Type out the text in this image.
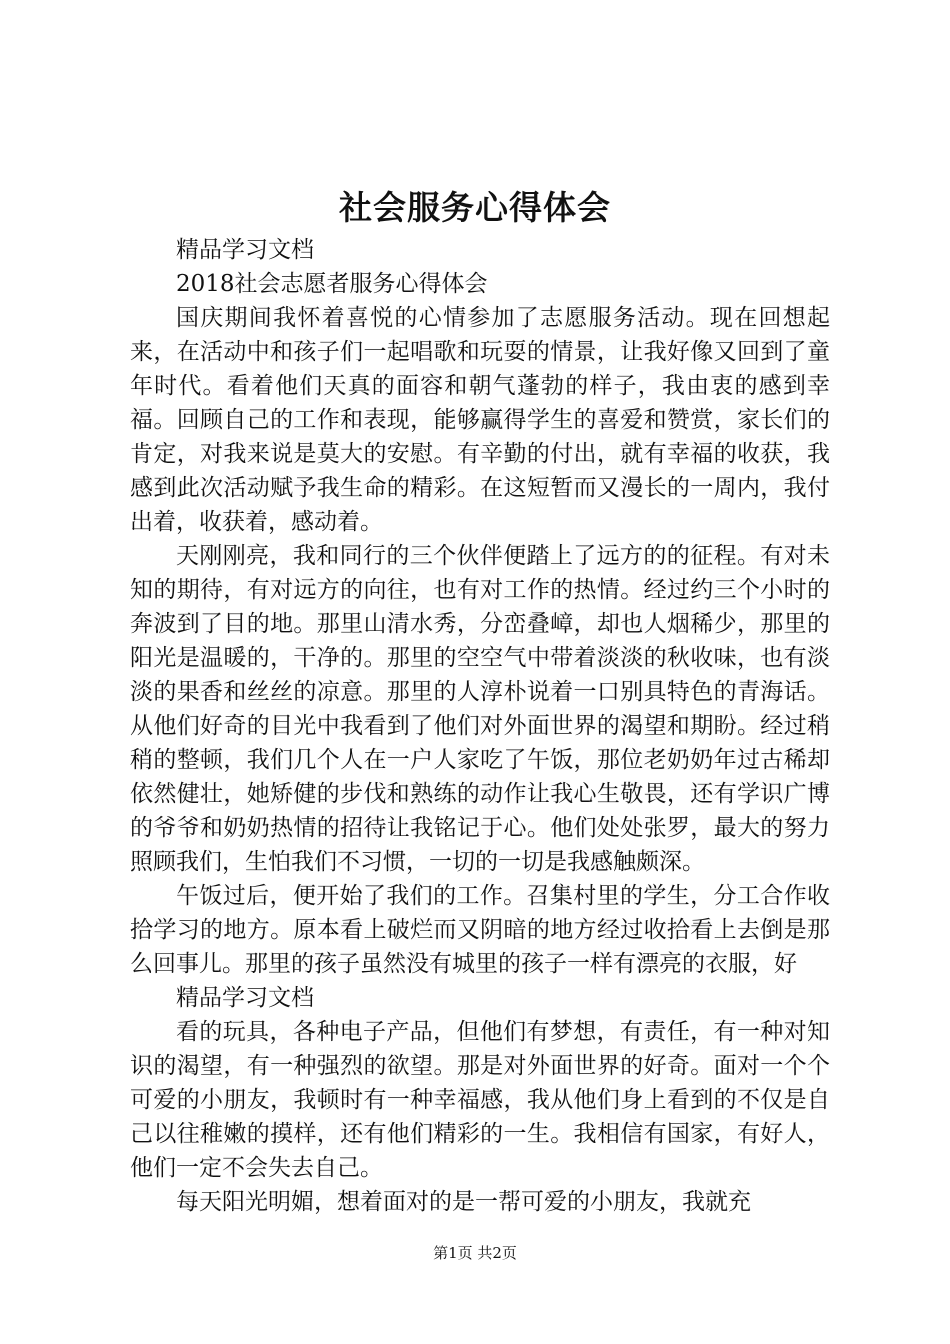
社会服务心得体会

精品学习文档

2018社会志愿者服务心得体会

国庆期间我怀着喜悦的心情参加了志愿服务活动。现在回想起来，在活动中和孩子们一起唱歌和玩耍的情景，让我好像又回到了童年时代。看着他们天真的面容和朝气蓬勃的样子，我由衷的感到幸福。回顾自己的工作和表现，能够赢得学生的喜爱和赞赏，家长们的肯定，对我来说是莫大的安慰。有辛勤的付出，就有幸福的收获，我感到此次活动赋予我生命的精彩。在这短暂而又漫长的一周内，我付出着，收获着，感动着。

天刚刚亮，我和同行的三个伙伴便踏上了远方的的征程。有对未知的期待，有对远方的向往，也有对工作的热情。经过约三个小时的奔波到了目的地。那里山清水秀，分峦叠嶂，却也人烟稀少，那里的阳光是温暖的，干净的。那里的空空气中带着淡淡的秋收味，也有淡淡的果香和丝丝的凉意。那里的人淳朴说着一口别具特色的青海话。从他们好奇的目光中我看到了他们对外面世界的渴望和期盼。经过稍稍的整顿，我们几个人在一户人家吃了午饭，那位老奶奶年过古稀却依然健壮，她矫健的步伐和熟练的动作让我心生敬畏，还有学识广博的爷爷和奶奶热情的招待让我铭记于心。他们处处张罗，最大的努力照顾我们，生怕我们不习惯，一切的一切是我感触颇深。

午饭过后，便开始了我们的工作。召集村里的学生，分工合作收拾学习的地方。原本看上破烂而又阴暗的地方经过收拾看上去倒是那么回事儿。那里的孩子虽然没有城里的孩子一样有漂亮的衣服，好

精品学习文档

看的玩具，各种电子产品，但他们有梦想，有责任，有一种对知识的渴望，有一种强烈的欲望。那是对外面世界的好奇。面对一个个可爱的小朋友，我顿时有一种幸福感，我从他们身上看到的不仅是自己以往稚嫩的摸样，还有他们精彩的一生。我相信有国家，有好人，他们一定不会失去自己。

每天阳光明媚，想着面对的是一帮可爱的小朋友，我就充

第1页 共2页
